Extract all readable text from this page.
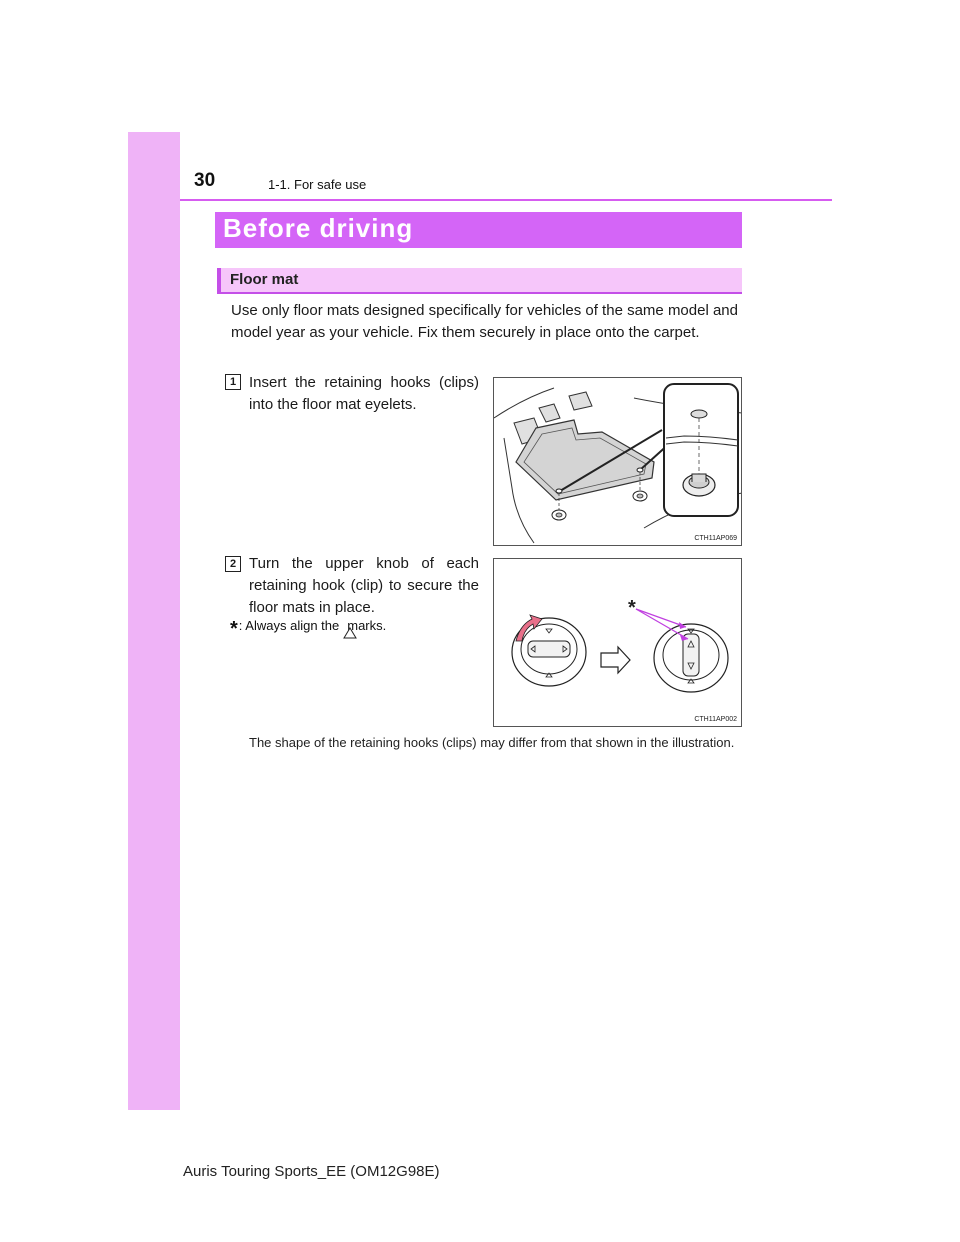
30	1-1. For safe use
Before driving
Floor mat
Use only floor mats designed specifically for vehicles of the same model and model year as your vehicle. Fix them securely in place onto the carpet.
1 Insert the retaining hooks (clips) into the floor mat eyelets.
CTH11AP069
2 Turn the upper knob of each retaining hook (clip) to secure the floor mats in place.
*: Always align the marks.
*
CTH11AP002
The shape of the retaining hooks (clips) may differ from that shown in the illustration.
Auris Touring Sports_EE (OM12G98E)
